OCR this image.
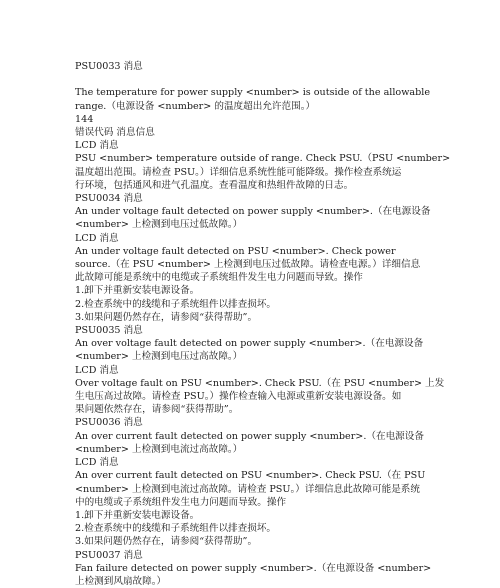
PSU0033 消息

The temperature for power supply <number> is outside of the allowable
range.（电源设备 <number> 的温度超出允许范围。）
144
错误代码 消息信息
LCD 消息
PSU <number> temperature outside of range. Check PSU.（PSU <number>
温度超出范围。请检查 PSU。）详细信息系统性能可能降级。操作检查系统运
行环境，包括通风和进气孔温度。查看温度和热组件故障的日志。
PSU0034 消息
An under voltage fault detected on power supply <number>.（在电源设备
<number> 上检测到电压过低故障。）
LCD 消息
An under voltage fault detected on PSU <number>. Check power
source.（在 PSU <number> 上检测到电压过低故障。请检查电源。）详细信息
此故障可能是系统中的电缆或子系统组件发生电力问题而导致。操作
1.卸下并重新安装电源设备。
2.检查系统中的线缆和子系统组件以排查损坏。
3.如果问题仍然存在，请参阅“获得帮助”。
PSU0035 消息
An over voltage fault detected on power supply <number>.（在电源设备
<number> 上检测到电压过高故障。）
LCD 消息
Over voltage fault on PSU <number>. Check PSU.（在 PSU <number> 上发
生电压高过故障。请检查 PSU。）操作检查输入电源或重新安装电源设备。如
果问题依然存在，请参阅“获得帮助”。
PSU0036 消息
An over current fault detected on power supply <number>.（在电源设备
<number> 上检测到电流过高故障。）
LCD 消息
An over current fault detected on PSU <number>. Check PSU.（在 PSU
<number> 上检测到电流过高故障。请检查 PSU。）详细信息此故障可能是系统
中的电缆或子系统组件发生电力问题而导致。操作
1.卸下并重新安装电源设备。
2.检查系统中的线缆和子系统组件以排查损坏。
3.如果问题仍然存在，请参阅“获得帮助”。
PSU0037 消息
Fan failure detected on power supply <number>.（在电源设备 <number>
上检测到风扇故障。）
